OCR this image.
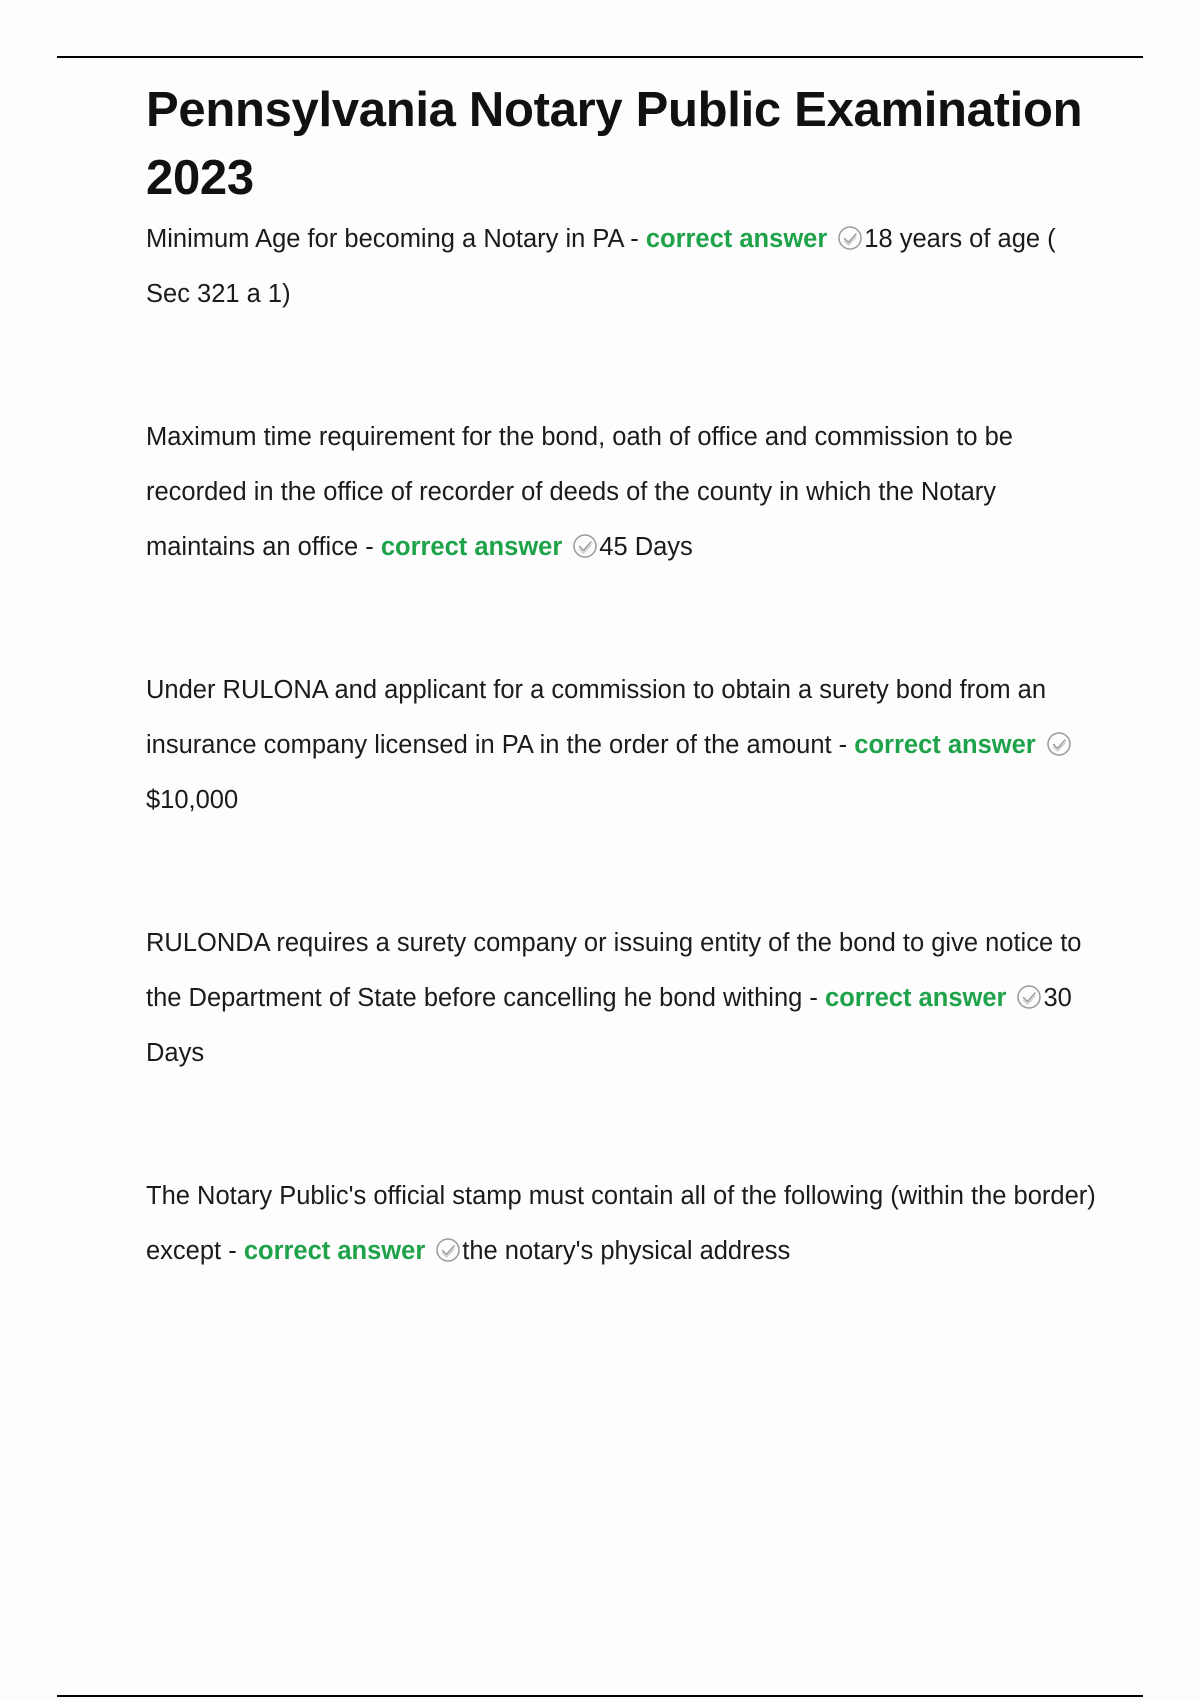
Pennsylvania Notary Public Examination 2023

Minimum Age for becoming a Notary in PA - correct answer 18 years of age ( Sec 321 a 1)

Maximum time requirement for the bond, oath of office and commission to be recorded in the office of recorder of deeds of the county in which the Notary maintains an office - correct answer 45 Days

Under RULONA and applicant for a commission to obtain a surety bond from an insurance company licensed in PA in the order of the amount - correct answer$10,000

RULONDA requires a surety company or issuing entity of the bond to give notice to the Department of State before cancelling he bond withing - correct answer 30 Days

The Notary Public's official stamp must contain all of the following (within the border) except - correct answer the notary's physical address
